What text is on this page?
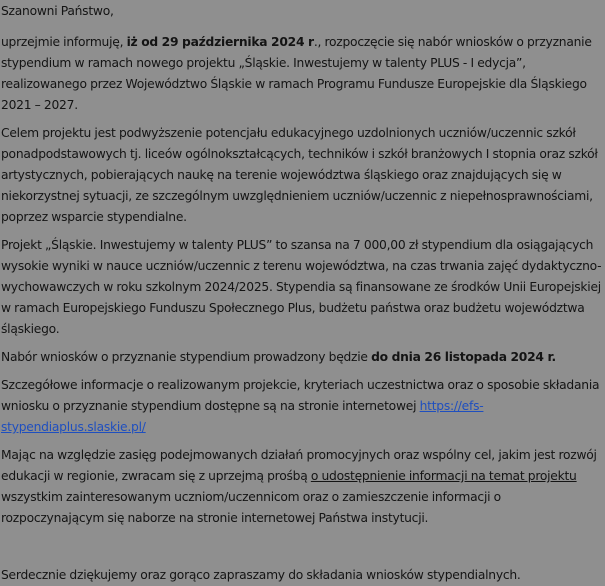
Szanowni Państwo,

uprzejmie informuję, iż od 29 października 2024 r., rozpoczęcie się nabór wniosków o przyznanie stypendium w ramach nowego projektu „Śląskie. Inwestujemy w talenty PLUS - I edycja”, realizowanego przez Województwo Śląskie w ramach Programu Fundusze Europejskie dla Śląskiego 2021 – 2027.

Celem projektu jest podwyższenie potencjału edukacyjnego uzdolnionych uczniów/uczennic szkół ponadpodstawowych tj. liceów ogólnokształcących, techników i szkół branżowych I stopnia oraz szkół artystycznych, pobierających naukę na terenie województwa śląskiego oraz znajdujących się w niekorzystnej sytuacji, ze szczególnym uwzględnieniem uczniów/uczennic z niepełnosprawnościami, poprzez wsparcie stypendialne.

Projekt „Śląskie. Inwestujemy w talenty PLUS” to szansa na 7 000,00 zł stypendium dla osiągających wysokie wyniki w nauce uczniów/uczennic z terenu województwa, na czas trwania zajęć dydaktyczno-wychowawczych w roku szkolnym 2024/2025. Stypendia są finansowane ze środków Unii Europejskiej w ramach Europejskiego Funduszu Społecznego Plus, budżetu państwa oraz budżetu województwa śląskiego.

Nabór wniosków o przyznanie stypendium prowadzony będzie do dnia 26 listopada 2024 r.

Szczegółowe informacje o realizowanym projekcie, kryteriach uczestnictwa oraz o sposobie składania wniosku o przyznanie stypendium dostępne są na stronie internetowej https://efs-stypendiaplus.slaskie.pl/

Mając na względzie zasięg podejmowanych działań promocyjnych oraz wspólny cel, jakim jest rozwój edukacji w regionie, zwracam się z uprzejmą prośbą o udostępnienie informacji na temat projektu wszystkim zainteresowanym uczniom/uczennicom oraz o zamieszczenie informacji o rozpoczynającym się naborze na stronie internetowej Państwa instytucji.

Serdecznie dziękujemy oraz gorąco zapraszamy do składania wniosków stypendialnych.
